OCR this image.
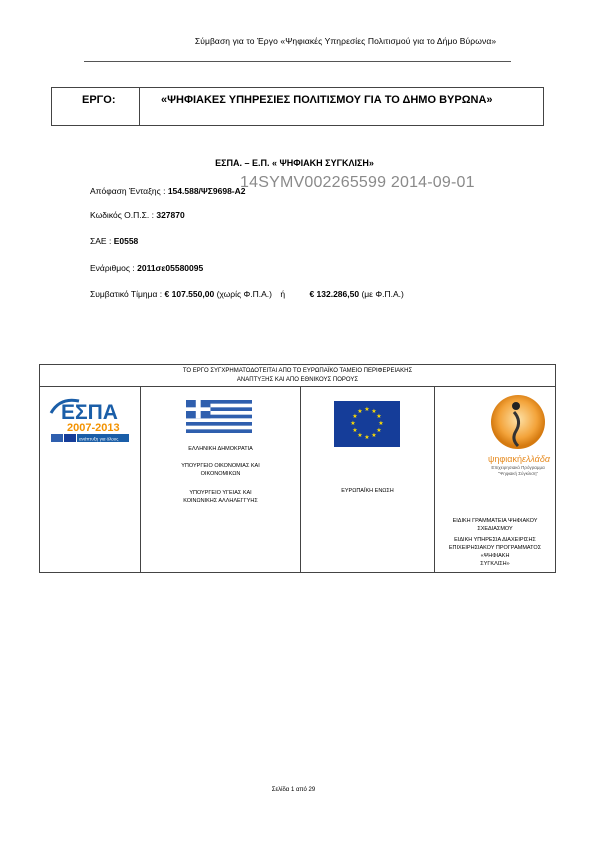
Σύμβαση για το Έργο «Ψηφιακές Υπηρεσίες Πολιτισμού για το Δήμο Βύρωνα»
ΕΡΓΟ:	«ΨΗΦΙΑΚΕΣ ΥΠΗΡΕΣΙΕΣ ΠΟΛΙΤΙΣΜΟΥ ΓΙΑ ΤΟ ΔΗΜΟ ΒΥΡΩΝΑ»
ΕΣΠΑ. – Ε.Π. « ΨΗΦΙΑΚΗ ΣΥΓΚΛΙΣΗ»
Απόφαση Ένταξης : 154.588/ΨΣ9698-Α2
14SYMV002265599 2014-09-01
Κωδικός Ο.Π.Σ. : 327870
ΣΑΕ : Ε0558
Ενάριθμος : 2011σε05580095
Συμβατικό Τίμημα : € 107.550,00 (χωρίς Φ.Π.Α.) ή	€ 132.286,50 (με Φ.Π.Α.)
ΤΟ ΕΡΓΟ ΣΥΓΧΡΗΜΑΤΟΔΟΤΕΙΤΑΙ ΑΠΟ ΤΟ ΕΥΡΩΠΑΪΚΟ ΤΑΜΕΙΟ ΠΕΡΙΦΕΡΕΙΑΚΗΣ
ΑΝΑΠΤΥΞΗΣ ΚΑΙ ΑΠΟ ΕΘΝΙΚΟΥΣ ΠΟΡΟΥΣ
ΕΣΠΑ
2007-2013
ανάπτυξη για όλους
ΕΛΛΗΝΙΚΗ ΔΗΜΟΚΡΑΤΙΑ
ΥΠΟΥΡΓΕΙΟ ΟΙΚΟΝΟΜΙΑΣ ΚΑΙ
ΟΙΚΟΝΟΜΙΚΩΝ
ΥΠΟΥΡΓΕΙΟ ΥΓΕΙΑΣ ΚΑΙ
ΚΟΙΝΩΝΙΚΗΣ ΑΛΛΗΛΕΓΓΥΗΣ
★ ★
★
★
★
★
★
★
★
★
★
★
ΕΥΡΩΠΑΪΚΗ ΕΝΩΣΗ
ψηφιακή ελλάδα
Επιχειρησιακό Πρόγραμμα
"Ψηφιακή Σύγκλιση"
ΕΙΔΙΚΗ ΓΡΑΜΜΑΤΕΙΑ ΨΗΦΙΑΚΟΥ ΣΧΕΔΙΑΣΜΟΥ
ΕΙΔΙΚΗ ΥΠΗΡΕΣΙΑ ΔΙΑΧΕΙΡΙΣΗΣ
ΕΠΙΧΕΙΡΗΣΙΑΚΟΥ ΠΡΟΓΡΑΜΜΑΤΟΣ «ΨΗΦΙΑΚΗ
ΣΥΓΚΛΙΣΗ»
Σελίδα 1 από 29
